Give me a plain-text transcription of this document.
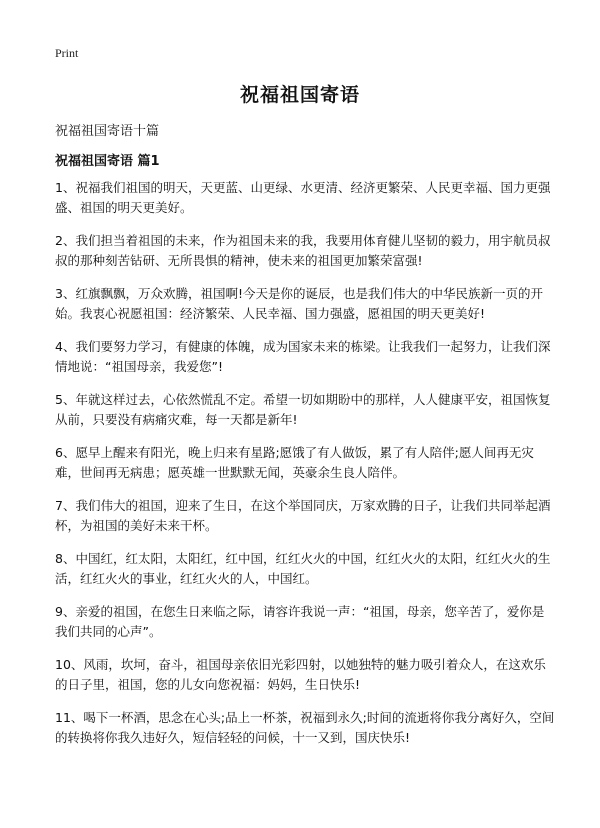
Print
祝福祖国寄语

祝福祖国寄语十篇

祝福祖国寄语 篇1

1、祝福我们祖国的明天，天更蓝、山更绿、水更清、经济更繁荣、人民更幸福、国力更强盛、祖国的明天更美好。

2、我们担当着祖国的未来，作为祖国未来的我，我要用体育健儿坚韧的毅力，用宇航员叔叔的那种刻苦钻研、无所畏惧的精神，使未来的祖国更加繁荣富强!

3、红旗飘飘，万众欢腾，祖国啊!今天是你的诞辰，也是我们伟大的中华民族新一页的开始。我衷心祝愿祖国：经济繁荣、人民幸福、国力强盛，愿祖国的明天更美好!

4、我们要努力学习，有健康的体魄，成为国家未来的栋梁。让我我们一起努力，让我们深情地说：“祖国母亲，我爱您”!

5、年就这样过去，心依然慌乱不定。希望一切如期盼中的那样，人人健康平安，祖国恢复从前，只要没有病痛灾难，每一天都是新年!

6、愿早上醒来有阳光，晚上归来有星路;愿饿了有人做饭，累了有人陪伴;愿人间再无灾难，世间再无病患；愿英雄一世默默无闻，英豪余生良人陪伴。

7、我们伟大的祖国，迎来了生日，在这个举国同庆，万家欢腾的日子，让我们共同举起酒杯，为祖国的美好未来干杯。

8、中国红，红太阳，太阳红，红中国，红红火火的中国，红红火火的太阳，红红火火的生活，红红火火的事业，红红火火的人，中国红。

9、亲爱的祖国，在您生日来临之际，请容许我说一声：“祖国，母亲，您辛苦了，爱你是我们共同的心声”。

10、风雨，坎坷，奋斗，祖国母亲依旧光彩四射，以她独特的魅力吸引着众人，在这欢乐的日子里，祖国，您的儿女向您祝福：妈妈，生日快乐!

11、喝下一杯酒，思念在心头;品上一杯茶，祝福到永久;时间的流逝将你我分离好久，空间的转换将你我久违好久，短信轻轻的问候，十一又到，国庆快乐!
